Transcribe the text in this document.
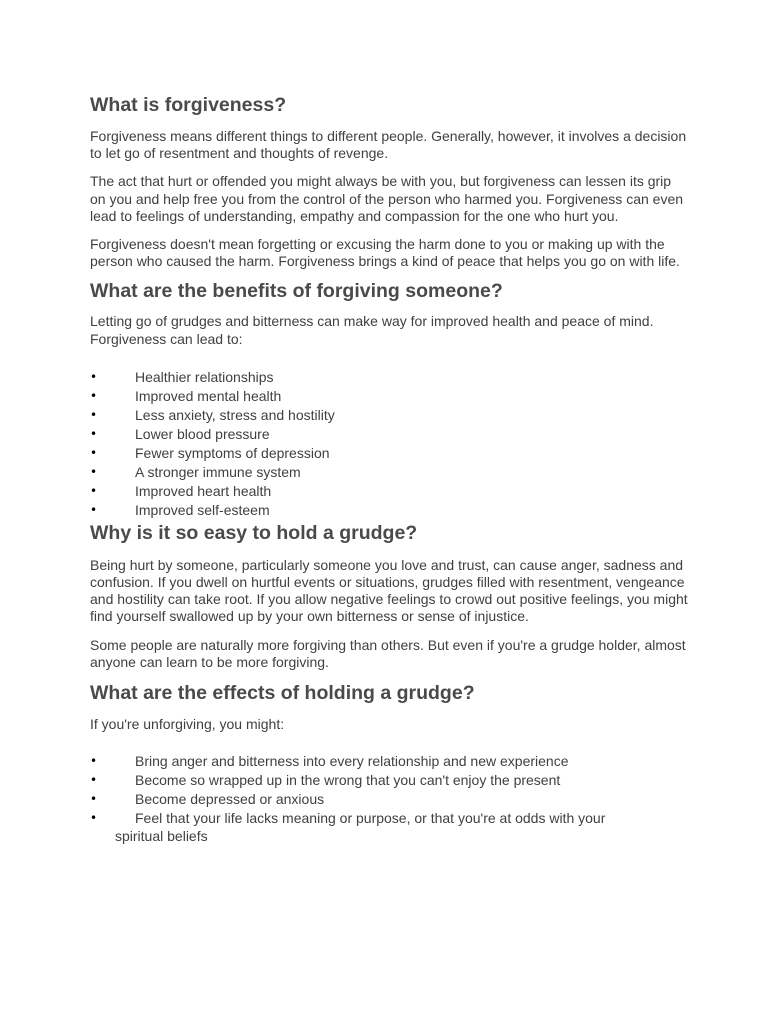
What is forgiveness?

Forgiveness means different things to different people. Generally, however, it involves a decision to let go of resentment and thoughts of revenge.

The act that hurt or offended you might always be with you, but forgiveness can lessen its grip on you and help free you from the control of the person who harmed you. Forgiveness can even lead to feelings of understanding, empathy and compassion for the one who hurt you.

Forgiveness doesn't mean forgetting or excusing the harm done to you or making up with the person who caused the harm. Forgiveness brings a kind of peace that helps you go on with life.

What are the benefits of forgiving someone?

Letting go of grudges and bitterness can make way for improved health and peace of mind. Forgiveness can lead to:

•	Healthier relationships
•	Improved mental health
•	Less anxiety, stress and hostility
•	Lower blood pressure
•	Fewer symptoms of depression
•	A stronger immune system
•	Improved heart health
•	Improved self-esteem
Why is it so easy to hold a grudge?

Being hurt by someone, particularly someone you love and trust, can cause anger, sadness and confusion. If you dwell on hurtful events or situations, grudges filled with resentment, vengeance and hostility can take root. If you allow negative feelings to crowd out positive feelings, you might find yourself swallowed up by your own bitterness or sense of injustice.

Some people are naturally more forgiving than others. But even if you're a grudge holder, almost anyone can learn to be more forgiving.

What are the effects of holding a grudge?

If you're unforgiving, you might:

•	Bring anger and bitterness into every relationship and new experience
•	Become so wrapped up in the wrong that you can't enjoy the present
•	Become depressed or anxious
•	Feel that your life lacks meaning or purpose, or that you're at odds with your
spiritual beliefs
